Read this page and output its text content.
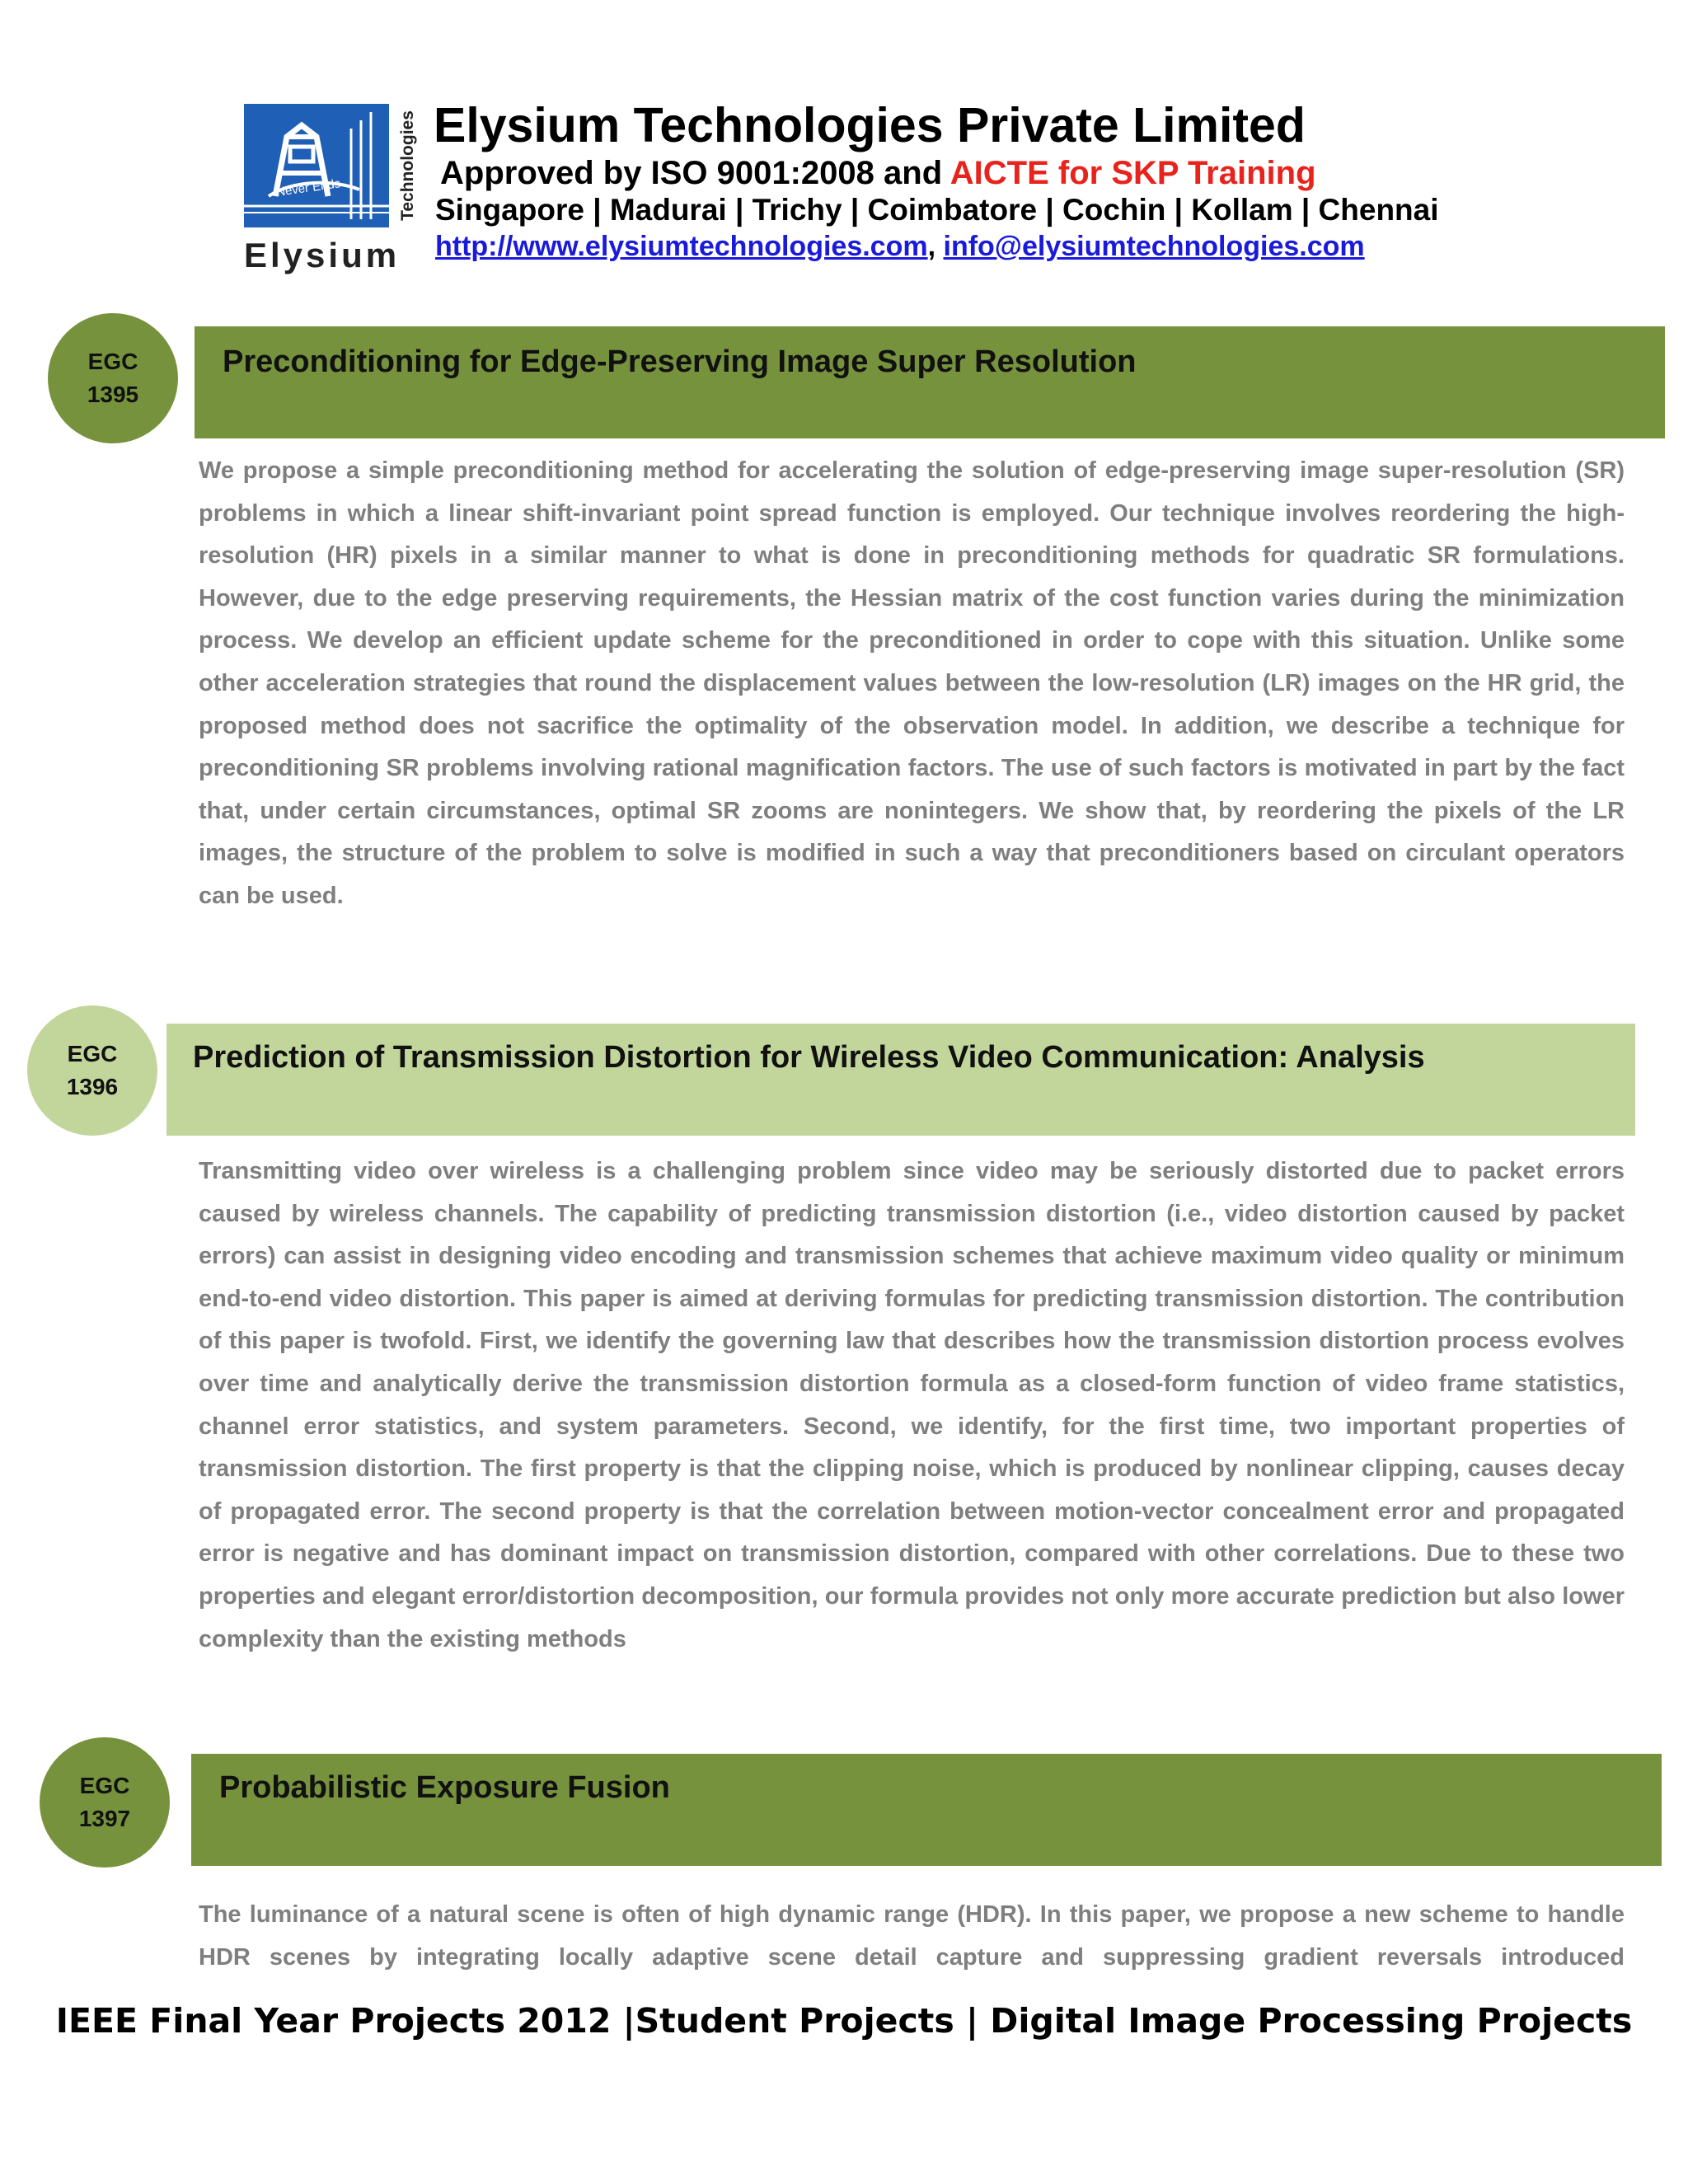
Never Ends	Technologies
Elysium
Elysium Technologies Private Limited
Approved by ISO 9001:2008 and AICTE for SKP Training
Singapore | Madurai | Trichy | Coimbatore | Cochin | Kollam | Chennai
http://www.elysiumtechnologies.com, info@elysiumtechnologies.com
EGC
1395
Preconditioning for Edge-Preserving Image Super Resolution

We propose a simple preconditioning method for accelerating the solution of edge-preserving image super-resolution (SR) problems in which a linear shift-invariant point spread function is employed. Our technique involves reordering the high-resolution (HR) pixels in a similar manner to what is done in preconditioning methods for quadratic SR formulations. However, due to the edge preserving requirements, the Hessian matrix of the cost function varies during the minimization process. We develop an efficient update scheme for the preconditioned in order to cope with this situation. Unlike some other acceleration strategies that round the displacement values between the low-resolution (LR) images on the HR grid, the proposed method does not sacrifice the optimality of the observation model. In addition, we describe a technique for preconditioning SR problems involving rational magnification factors. The use of such factors is motivated in part by the fact that, under certain circumstances, optimal SR zooms are nonintegers. We show that, by reordering the pixels of the LR images, the structure of the problem to solve is modified in such a way that preconditioners based on circulant operators can be used.

EGC
1396
Prediction of Transmission Distortion for Wireless Video Communication: Analysis

Transmitting video over wireless is a challenging problem since video may be seriously distorted due to packet errors caused by wireless channels. The capability of predicting transmission distortion (i.e., video distortion caused by packet errors) can assist in designing video encoding and transmission schemes that achieve maximum video quality or minimum end-to-end video distortion. This paper is aimed at deriving formulas for predicting transmission distortion. The contribution of this paper is twofold. First, we identify the governing law that describes how the transmission distortion process evolves over time and analytically derive the transmission distortion formula as a closed-form function of video frame statistics, channel error statistics, and system parameters. Second, we identify, for the first time, two important properties of transmission distortion. The first property is that the clipping noise, which is produced by nonlinear clipping, causes decay of propagated error. The second property is that the correlation between motion-vector concealment error and propagated error is negative and has dominant impact on transmission distortion, compared with other correlations. Due to these two properties and elegant error/distortion decomposition, our formula provides not only more accurate prediction but also lower complexity than the existing methods

EGC
1397
Probabilistic Exposure Fusion

The luminance of a natural scene is often of high dynamic range (HDR). In this paper, we propose a new scheme to handle HDR scenes by integrating locally adaptive scene detail capture and suppressing gradient reversals introduced

IEEE Final Year Projects 2012 |Student Projects | Digital Image Processing Projects
